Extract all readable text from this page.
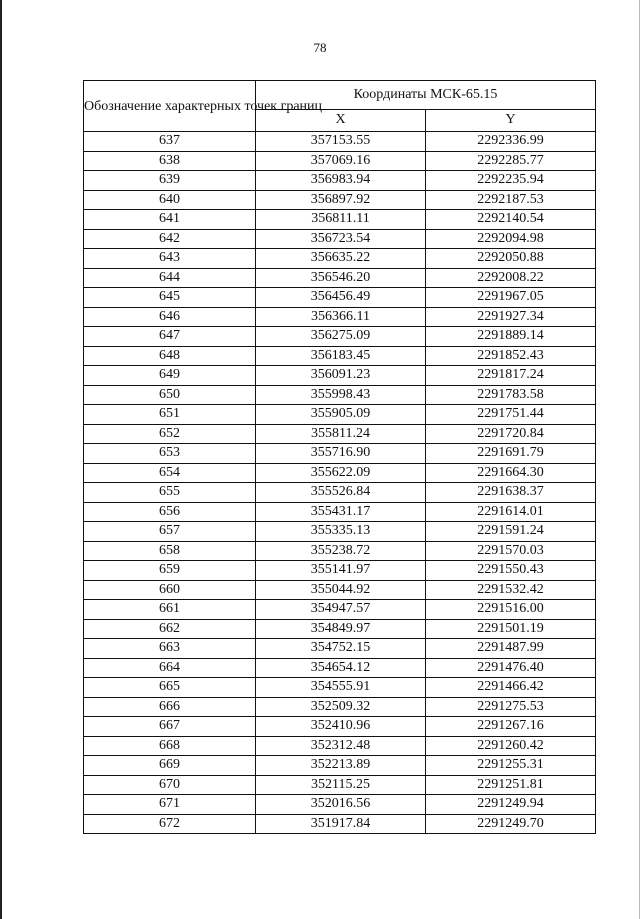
78
Обозначение характерных точек границ	Координаты МСК-65.15	
	X	Y
637	357153.55	2292336.99
638	357069.16	2292285.77
639	356983.94	2292235.94
640	356897.92	2292187.53
641	356811.11	2292140.54
642	356723.54	2292094.98
643	356635.22	2292050.88
644	356546.20	2292008.22
645	356456.49	2291967.05
646	356366.11	2291927.34
647	356275.09	2291889.14
648	356183.45	2291852.43
649	356091.23	2291817.24
650	355998.43	2291783.58
651	355905.09	2291751.44
652	355811.24	2291720.84
653	355716.90	2291691.79
654	355622.09	2291664.30
655	355526.84	2291638.37
656	355431.17	2291614.01
657	355335.13	2291591.24
658	355238.72	2291570.03
659	355141.97	2291550.43
660	355044.92	2291532.42
661	354947.57	2291516.00
662	354849.97	2291501.19
663	354752.15	2291487.99
664	354654.12	2291476.40
665	354555.91	2291466.42
666	352509.32	2291275.53
667	352410.96	2291267.16
668	352312.48	2291260.42
669	352213.89	2291255.31
670	352115.25	2291251.81
671	352016.56	2291249.94
672	351917.84	2291249.70
